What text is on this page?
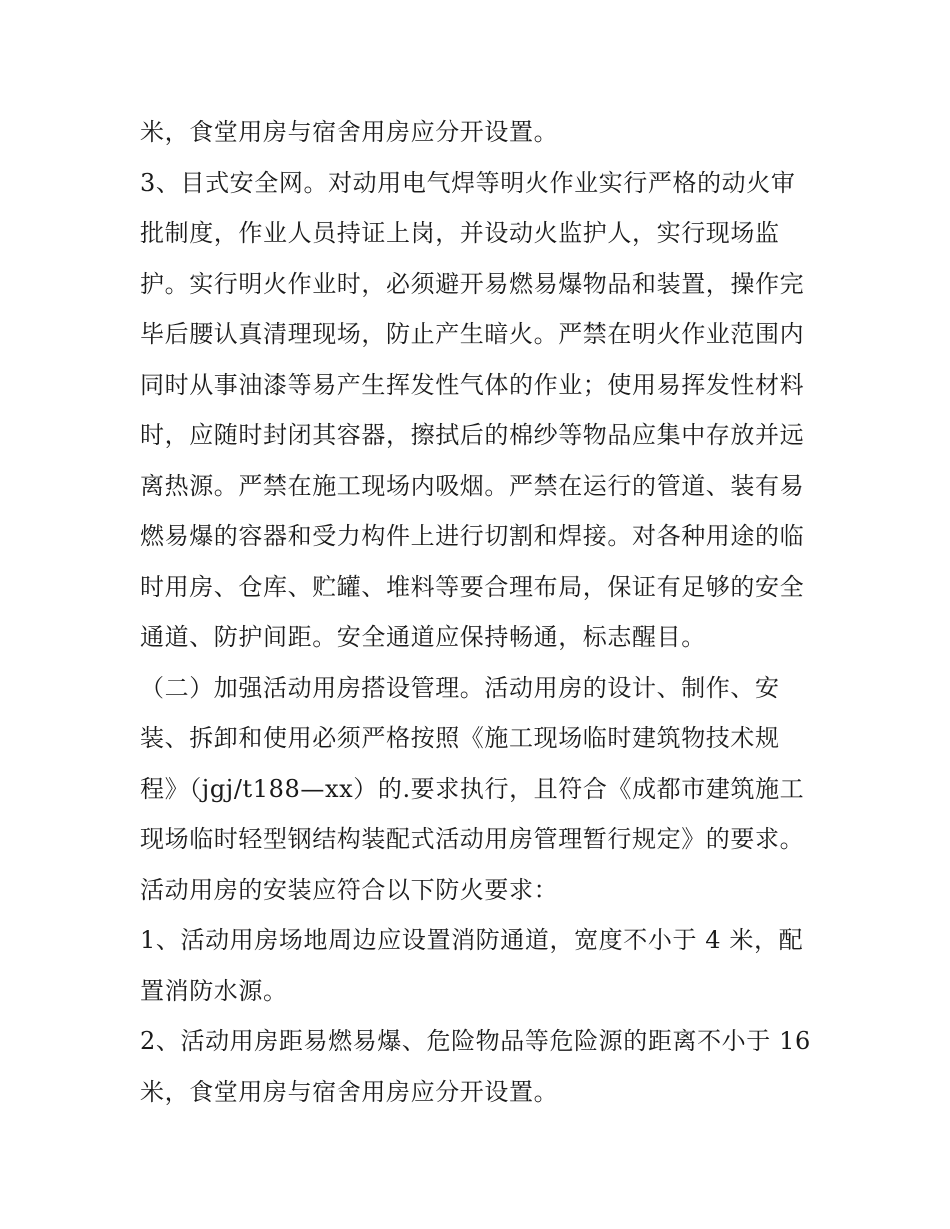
米，食堂用房与宿舍用房应分开设置。
3、目式安全网。对动用电气焊等明火作业实行严格的动火审
批制度，作业人员持证上岗，并设动火监护人，实行现场监
护。实行明火作业时，必须避开易燃易爆物品和装置，操作完
毕后腰认真清理现场，防止产生暗火。严禁在明火作业范围内
同时从事油漆等易产生挥发性气体的作业；使用易挥发性材料
时，应随时封闭其容器，擦拭后的棉纱等物品应集中存放并远
离热源。严禁在施工现场内吸烟。严禁在运行的管道、装有易
燃易爆的容器和受力构件上进行切割和焊接。对各种用途的临
时用房、仓库、贮罐、堆料等要合理布局，保证有足够的安全
通道、防护间距。安全通道应保持畅通，标志醒目。
（二）加强活动用房搭设管理。活动用房的设计、制作、安
装、拆卸和使用必须严格按照《施工现场临时建筑物技术规
程》（jgj/t188—xx）的.要求执行，且符合《成都市建筑施工
现场临时轻型钢结构装配式活动用房管理暂行规定》的要求。
活动用房的安装应符合以下防火要求：
1、活动用房场地周边应设置消防通道，宽度不小于 4 米，配
置消防水源。
2、活动用房距易燃易爆、危险物品等危险源的距离不小于 16
米，食堂用房与宿舍用房应分开设置。
